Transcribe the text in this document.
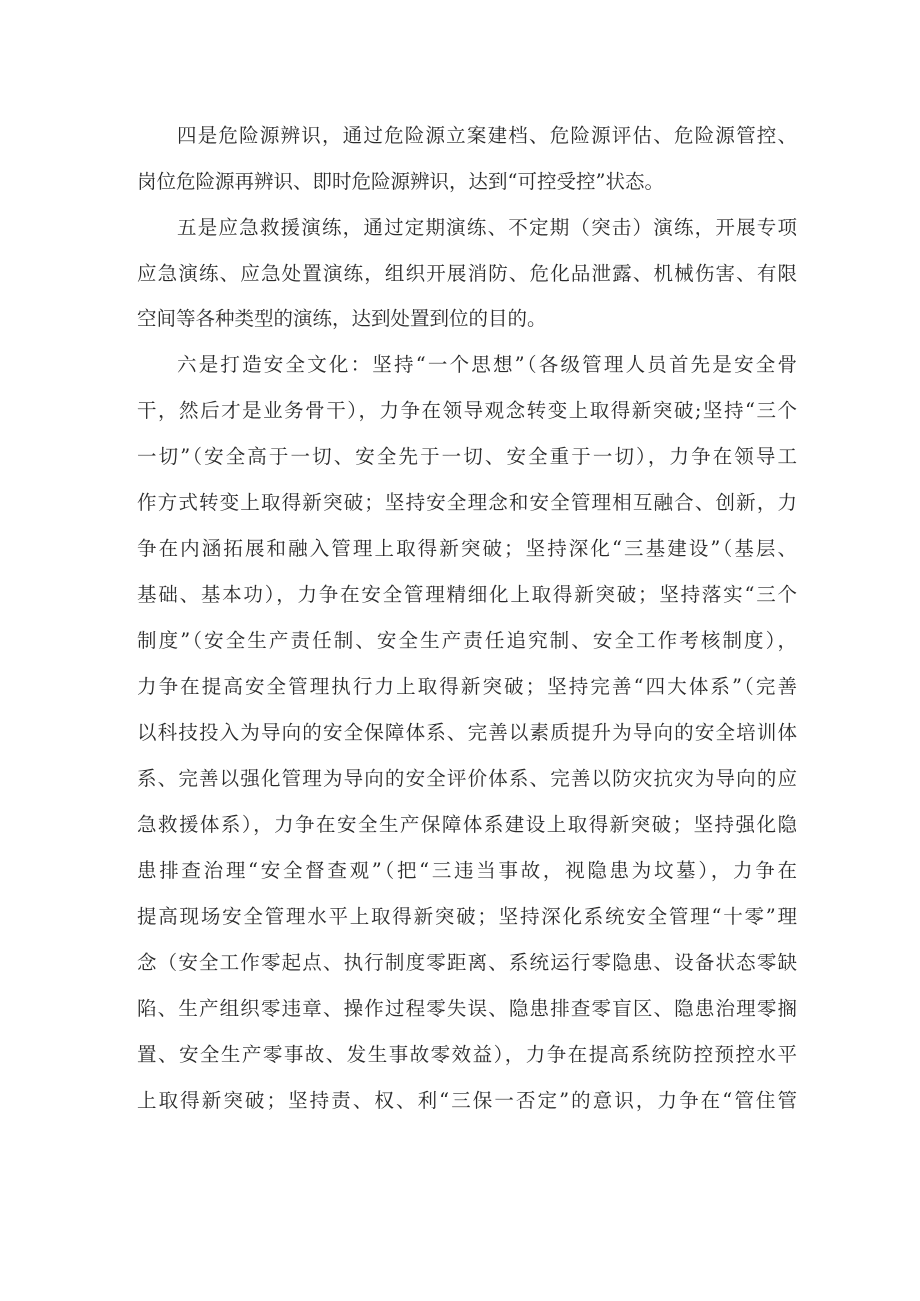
四是危险源辨识，通过危险源立案建档、危险源评估、危险源管控、
岗位危险源再辨识、即时危险源辨识，达到“可控受控”状态。
五是应急救援演练，通过定期演练、不定期（突击）演练，开展专项
应急演练、应急处置演练，组织开展消防、危化品泄露、机械伤害、有限
空间等各种类型的演练，达到处置到位的目的。
六是打造安全文化：坚持“一个思想”（各级管理人员首先是安全骨
干，然后才是业务骨干），力争在领导观念转变上取得新突破;坚持“三个
一切”（安全高于一切、安全先于一切、安全重于一切），力争在领导工
作方式转变上取得新突破；坚持安全理念和安全管理相互融合、创新，力
争在内涵拓展和融入管理上取得新突破；坚持深化“三基建设”（基层、
基础、基本功），力争在安全管理精细化上取得新突破；坚持落实“三个
制度”（安全生产责任制、安全生产责任追究制、安全工作考核制度），
力争在提高安全管理执行力上取得新突破；坚持完善“四大体系”（完善
以科技投入为导向的安全保障体系、完善以素质提升为导向的安全培训体
系、完善以强化管理为导向的安全评价体系、完善以防灾抗灾为导向的应
急救援体系），力争在安全生产保障体系建设上取得新突破；坚持强化隐
患排查治理“安全督查观”（把“三违当事故，视隐患为坟墓），力争在
提高现场安全管理水平上取得新突破；坚持深化系统安全管理“十零”理
念（安全工作零起点、执行制度零距离、系统运行零隐患、设备状态零缺
陷、生产组织零违章、操作过程零失误、隐患排查零盲区、隐患治理零搁
置、安全生产零事故、发生事故零效益），力争在提高系统防控预控水平
上取得新突破；坚持责、权、利“三保一否定”的意识，力争在“管住管
